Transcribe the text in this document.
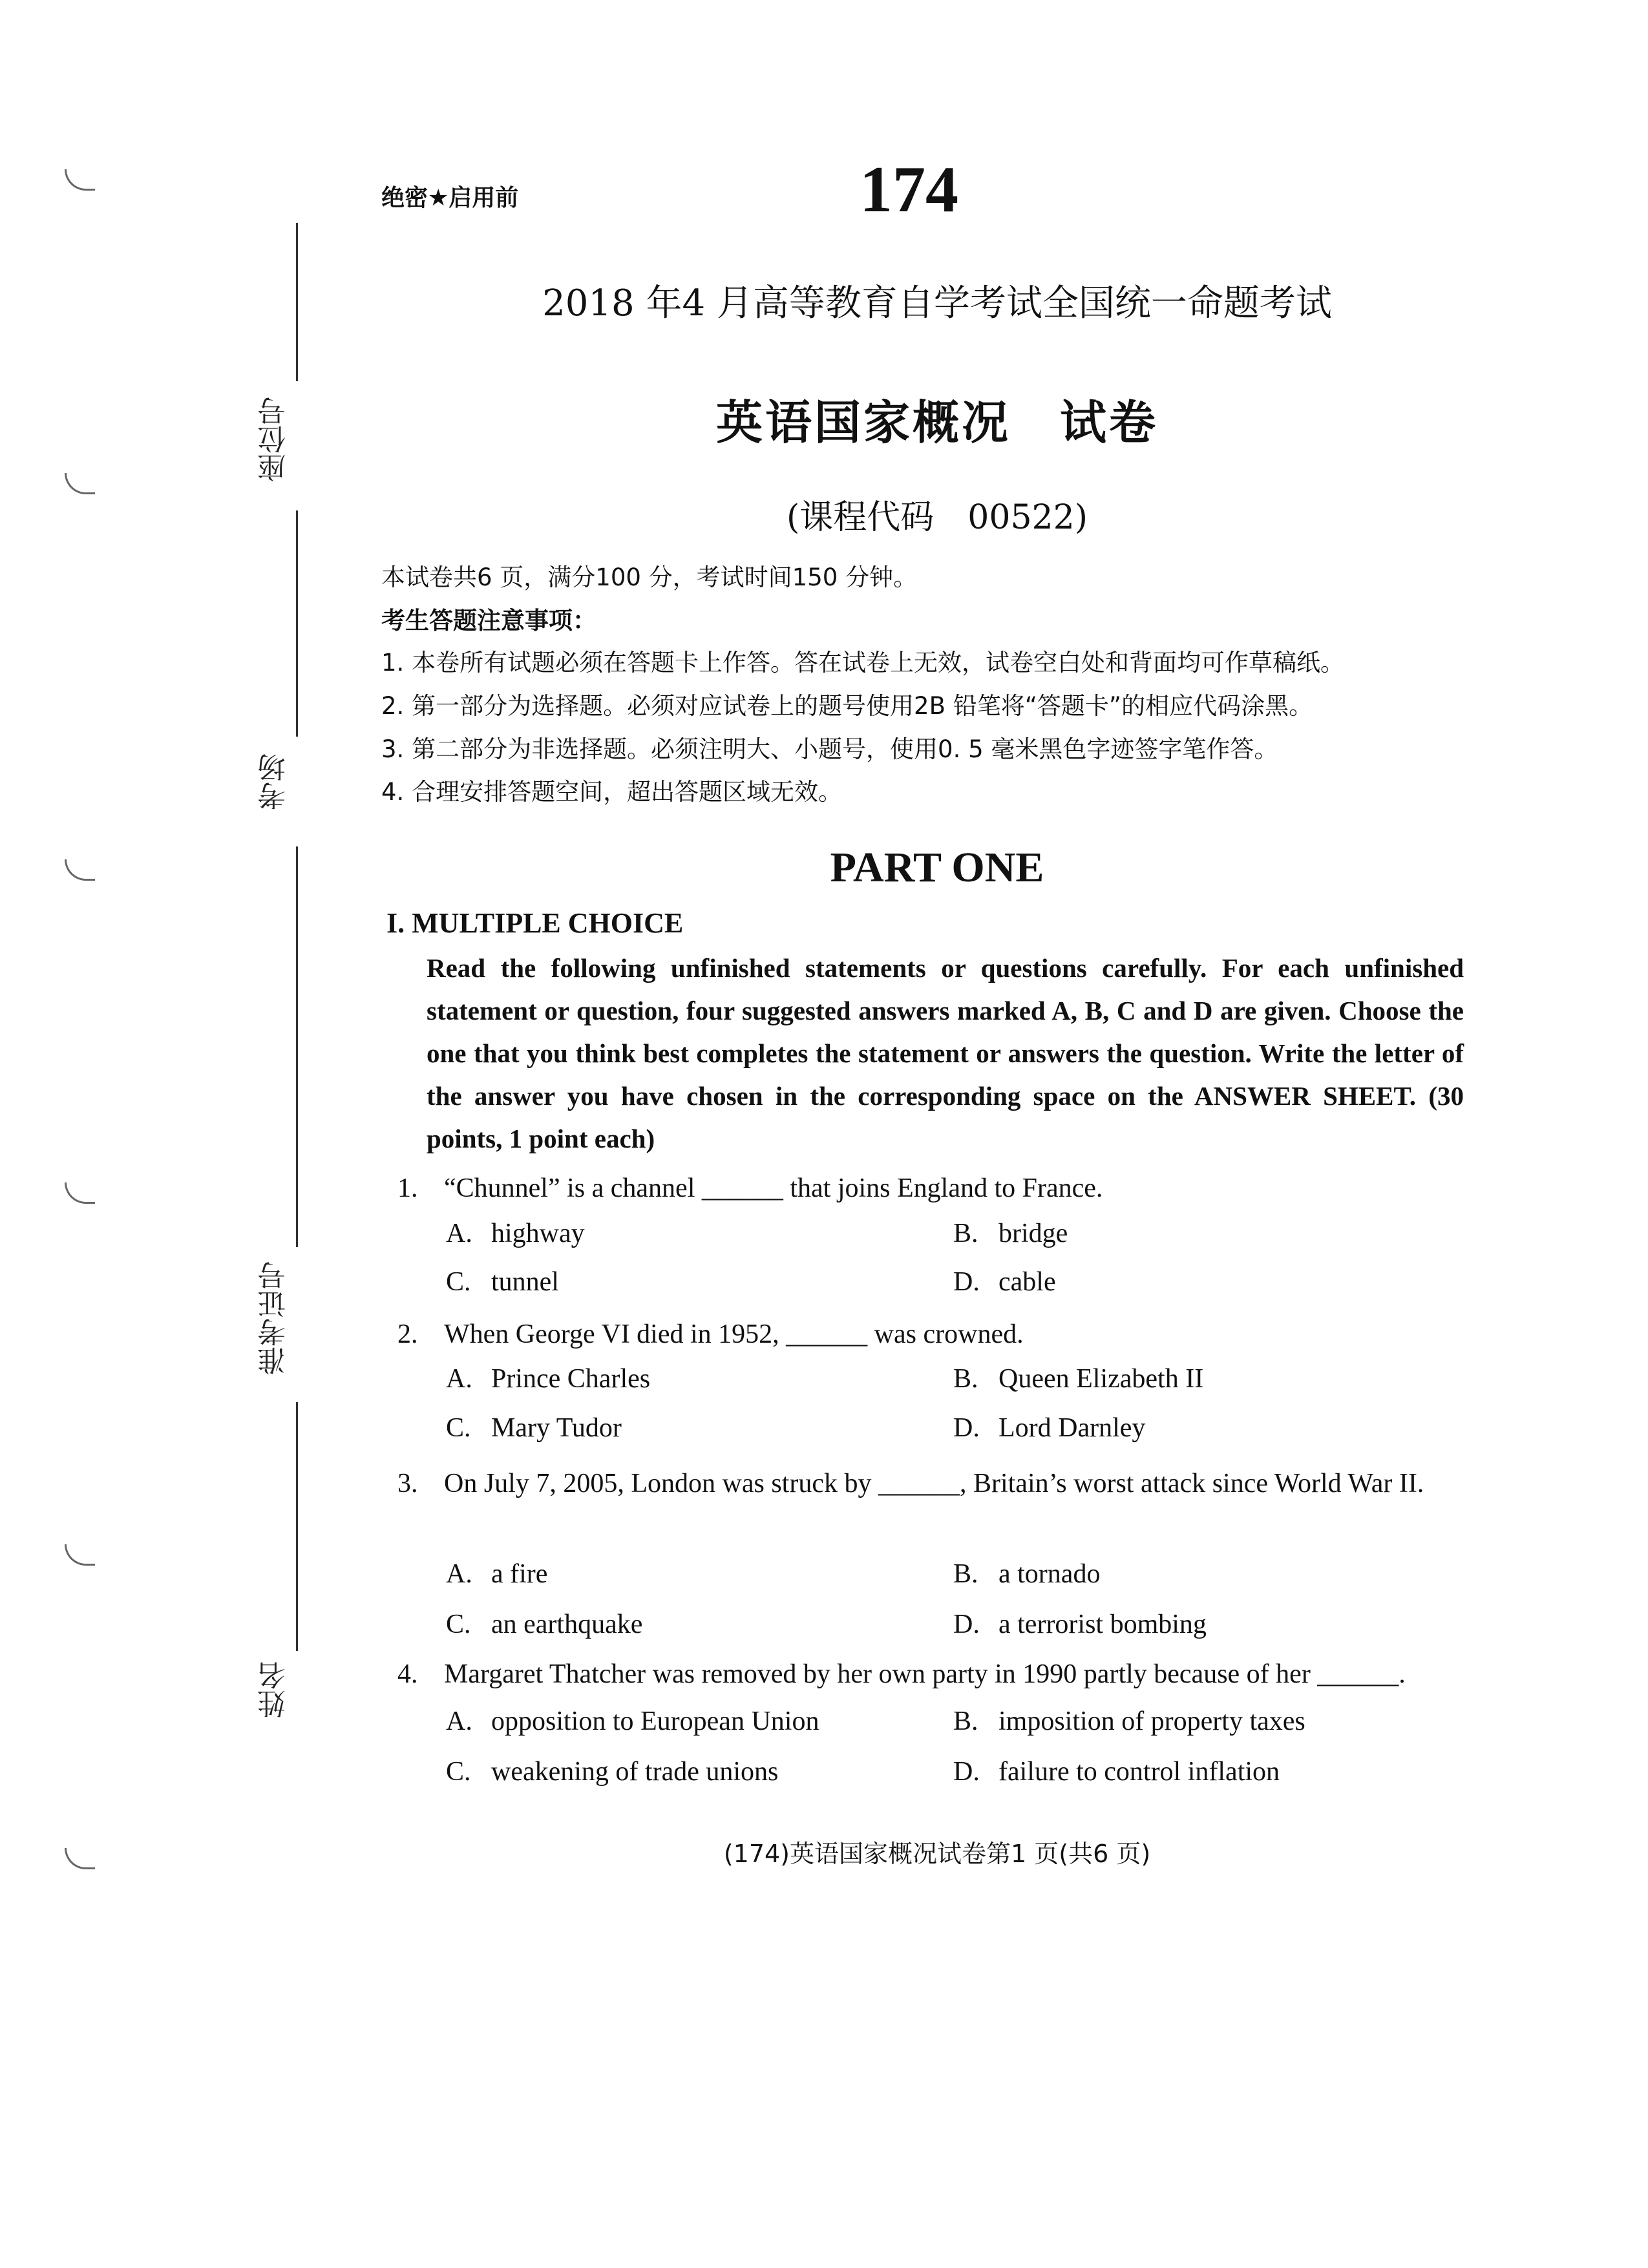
座位号
考场
准考证号
姓名
绝密★启用前	174
2018 年4 月高等教育自学考试全国统一命题考试
英语国家概况　试卷
(课程代码　00522)
本试卷共6 页，满分100 分，考试时间150 分钟。
考生答题注意事项：
1. 本卷所有试题必须在答题卡上作答。答在试卷上无效，试卷空白处和背面均可作草稿纸。
2. 第一部分为选择题。必须对应试卷上的题号使用2B 铅笔将“答题卡”的相应代码涂黑。
3. 第二部分为非选择题。必须注明大、小题号，使用0. 5 毫米黑色字迹签字笔作答。
4. 合理安排答题空间，超出答题区域无效。
PART ONE
I. MULTIPLE CHOICE
Read the following unfinished statements or questions carefully. For each unfinished statement or question, four suggested answers marked A, B, C and D are given. Choose the one that you think best completes the statement or answers the question. Write the letter of the answer you have chosen in the corresponding space on the ANSWER SHEET. (30 points, 1 point each)
1. “Chunnel” is a channel ______ that joins England to France.
A. highway	B. bridge
C. tunnel	D. cable
2. When George VI died in 1952, ______ was crowned.
A. Prince Charles	B. Queen Elizabeth II
C. Mary Tudor	D. Lord Darnley
3. On July 7, 2005, London was struck by ______, Britain’s worst attack since World War II.
A. a fire	B. a tornado
C. an earthquake	D. a terrorist bombing
4. Margaret Thatcher was removed by her own party in 1990 partly because of her ______.
A. opposition to European Union	B. imposition of property taxes
C. weakening of trade unions	D. failure to control inflation
(174)英语国家概况试卷第1 页(共6 页)
